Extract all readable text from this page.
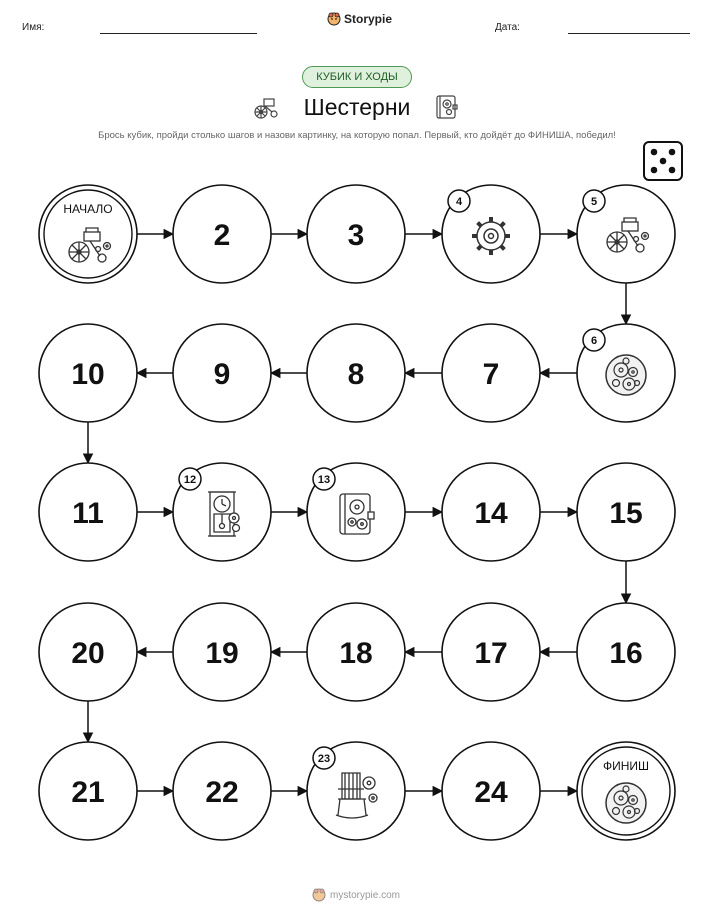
Имя:
Storypie
Дата:
КУБИК И ХОДЫ
Шестерни
Брось кубик, пройди столько шагов и назови картинку, на которую попал. Первый, кто дойдёт до ФИНИША, победил!
НАЧАЛО
2	3
4	5
6
7
8
9
10
11
12	13
14	15
16
17
18
19
20
21	22
23
24
ФИНИШ
mystorypie.com
